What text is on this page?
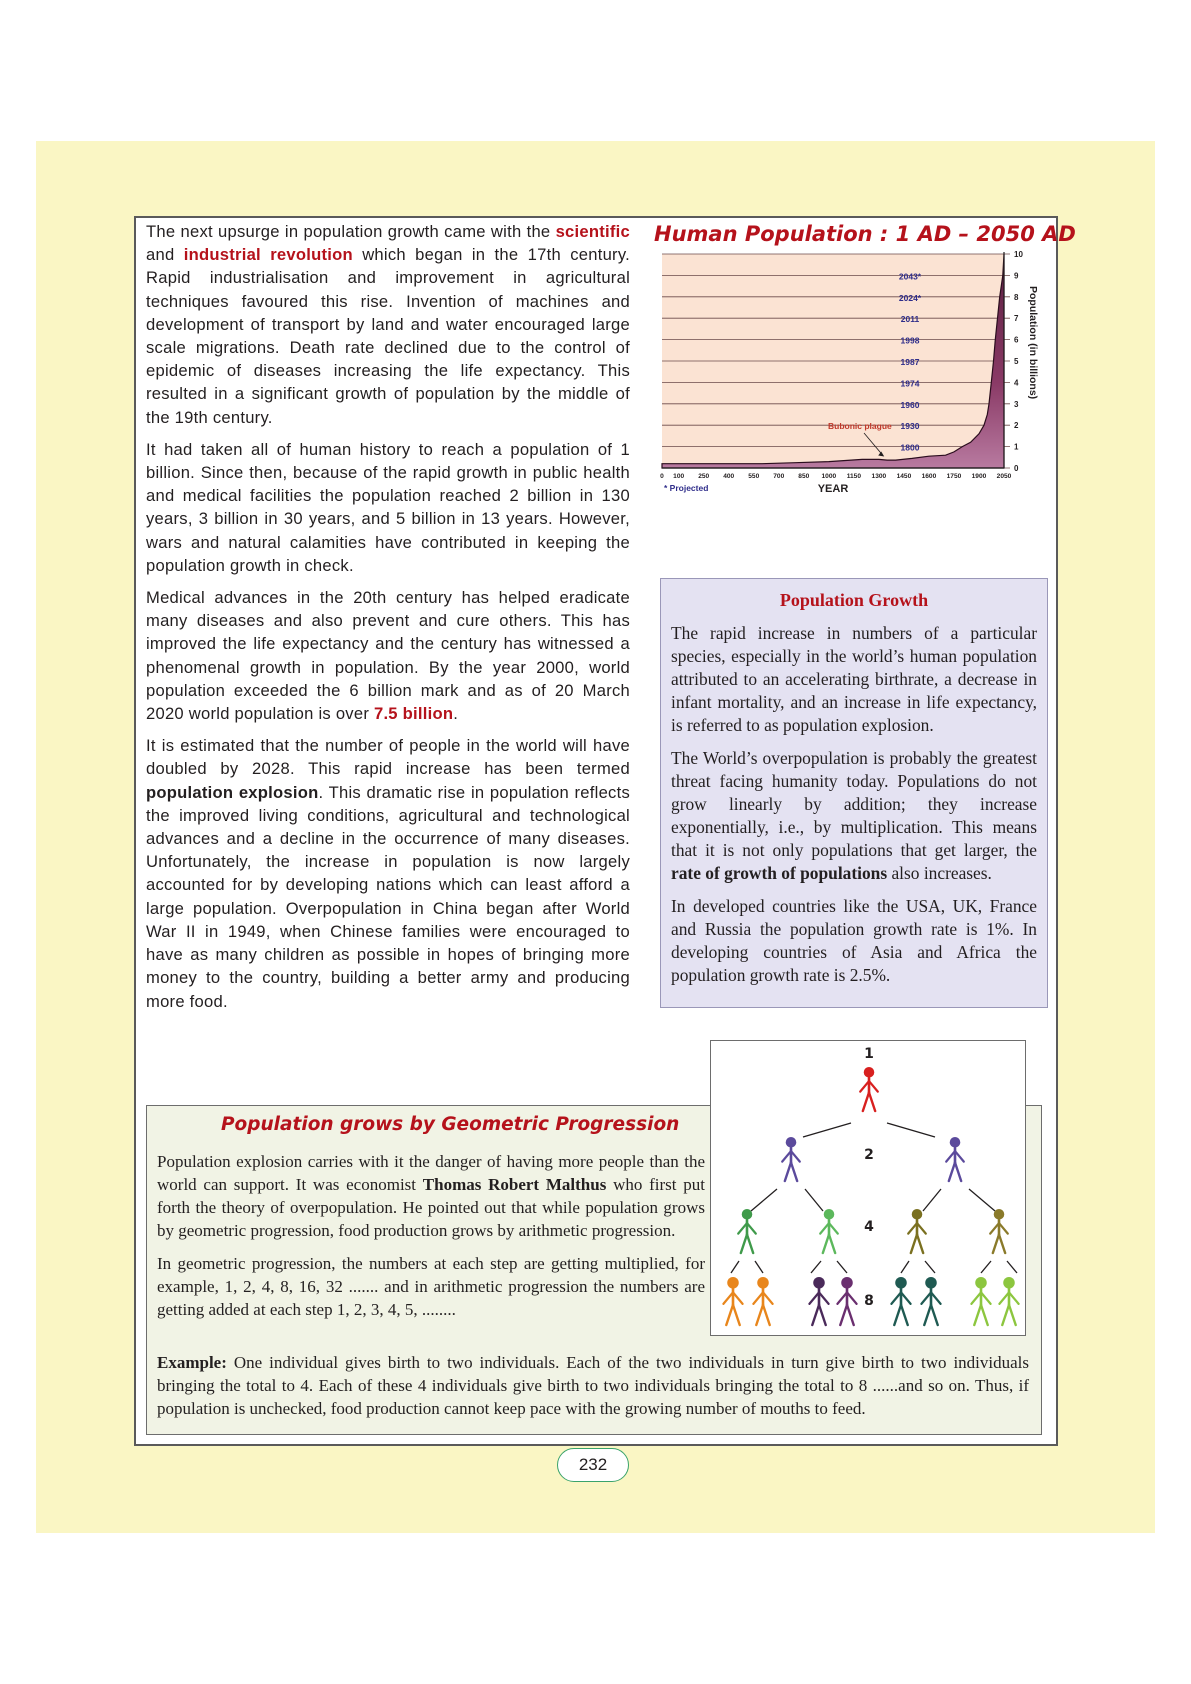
The next upsurge in population growth came with the scientific and industrial revolution which began in the 17th century. Rapid industrialisation and improvement in agricultural techniques favoured this rise. Invention of machines and development of transport by land and water encouraged large scale migrations. Death rate declined due to the control of epidemic of diseases increasing the life expectancy. This resulted in a significant growth of population by the middle of the 19th century.

It had taken all of human history to reach a population of 1 billion. Since then, because of the rapid growth in public health and medical facilities the population reached 2 billion in 130 years, 3 billion in 30 years, and 5 billion in 13 years. However, wars and natural calamities have contributed in keeping the population growth in check.

Medical advances in the 20th century has helped eradicate many diseases and also prevent and cure others. This has improved the life expectancy and the century has witnessed a phenomenal growth in population. By the year 2000, world population exceeded the 6 billion mark and as of 20 March 2020 world population is over 7.5 billion.

It is estimated that the number of people in the world will have doubled by 2028. This rapid increase has been termed population explosion. This dramatic rise in population reflects the improved living conditions, agricultural and technological advances and a decline in the occurrence of many diseases. Unfortunately, the increase in population is now largely accounted for by developing nations which can least afford a large population. Overpopulation in China began after World War II in 1949, when Chinese families were encouraged to have as many children as possible in hopes of bringing more money to the country, building a better army and producing more food.

Human Population : 1 AD – 2050 AD
0
1
2
3
4
5
6
7
8
9
10
2043*
2024*
2011
1998
1987
1974
1960
1930
1800
Bubonic plague
0 100 250 400 550 700 850 1000 1150 1300 1450 1600 1750 1900 2050
YEAR
* Projected
Population (in billions)
Population Growth

The rapid increase in numbers of a particular species, especially in the world’s human population attributed to an accelerating birthrate, a decrease in infant mortality, and an increase in life expectancy, is referred to as population explosion.

The World’s overpopulation is probably the greatest threat facing humanity today. Populations do not grow linearly by addition; they increase exponentially, i.e., by multiplication. This means that it is not only populations that get larger, the rate of growth of populations also increases.

In developed countries like the USA, UK, France and Russia the population growth rate is 1%. In developing countries of Asia and Africa the population growth rate is 2.5%.

Population grows by Geometric Progression

Population explosion carries with it the danger of having more people than the world can support. It was economist Thomas Robert Malthus who first put forth the theory of overpopulation. He pointed out that while population grows by geometric progression, food production grows by arithmetic progression.

In geometric progression, the numbers at each step are getting multiplied, for example, 1, 2, 4, 8, 16, 32 ....... and in arithmetic progression the numbers are getting added at each step 1, 2, 3, 4, 5, ........

Example: One individual gives birth to two individuals. Each of the two individuals in turn give birth to two individuals bringing the total to 4. Each of these 4 individuals give birth to two individuals bringing the total to 8 ......and so on. Thus, if population is unchecked, food production cannot keep pace with the growing number of mouths to feed.
1
2
4
8
232
